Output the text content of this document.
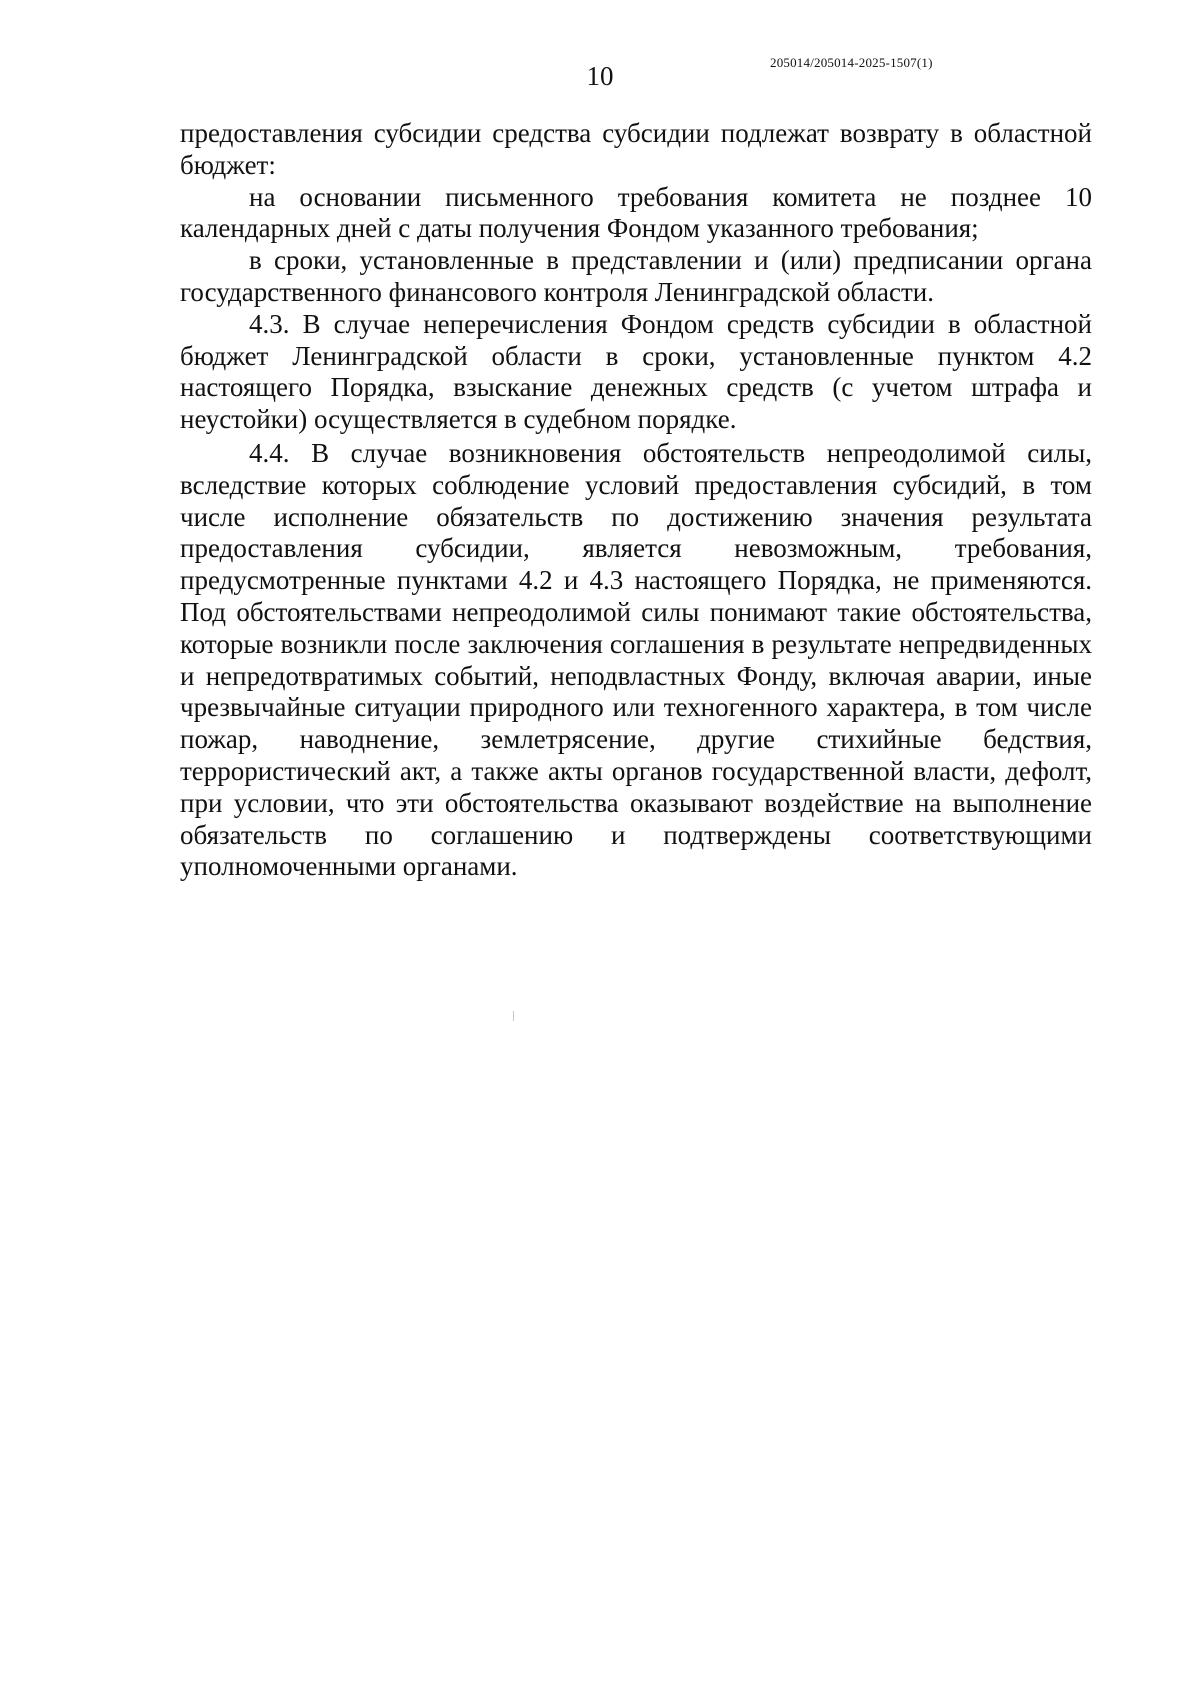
10	205014/205014-2025-1507(1)

предоставления субсидии средства субсидии подлежат возврату в областной бюджет:

на основании письменного требования комитета не позднее 10 календарных дней с даты получения Фондом указанного требования;

в сроки, установленные в представлении и (или) предписании органа государственного финансового контроля Ленинградской области.

4.3. В случае неперечисления Фондом средств субсидии в областной бюджет Ленинградской области в сроки, установленные пунктом 4.2 настоящего Порядка, взыскание денежных средств (с учетом штрафа и неустойки) осуществляется в судебном порядке.

4.4. В случае возникновения обстоятельств непреодолимой силы, вследствие которых соблюдение условий предоставления субсидий, в том числе исполнение обязательств по достижению значения результата предоставления субсидии, является невозможным, требования, предусмотренные пунктами 4.2 и 4.3 настоящего Порядка, не применяются. Под обстоятельствами непреодолимой силы понимают такие обстоятельства, которые возникли после заключения соглашения в результате непредвиденных и непредотвратимых событий, неподвластных Фонду, включая аварии, иные чрезвычайные ситуации природного или техногенного характера, в том числе пожар, наводнение, землетрясение, другие стихийные бедствия, террористический акт, а также акты органов государственной власти, дефолт, при условии, что эти обстоятельства оказывают воздействие на выполнение обязательств по соглашению и подтверждены соответствующими уполномоченными органами.
